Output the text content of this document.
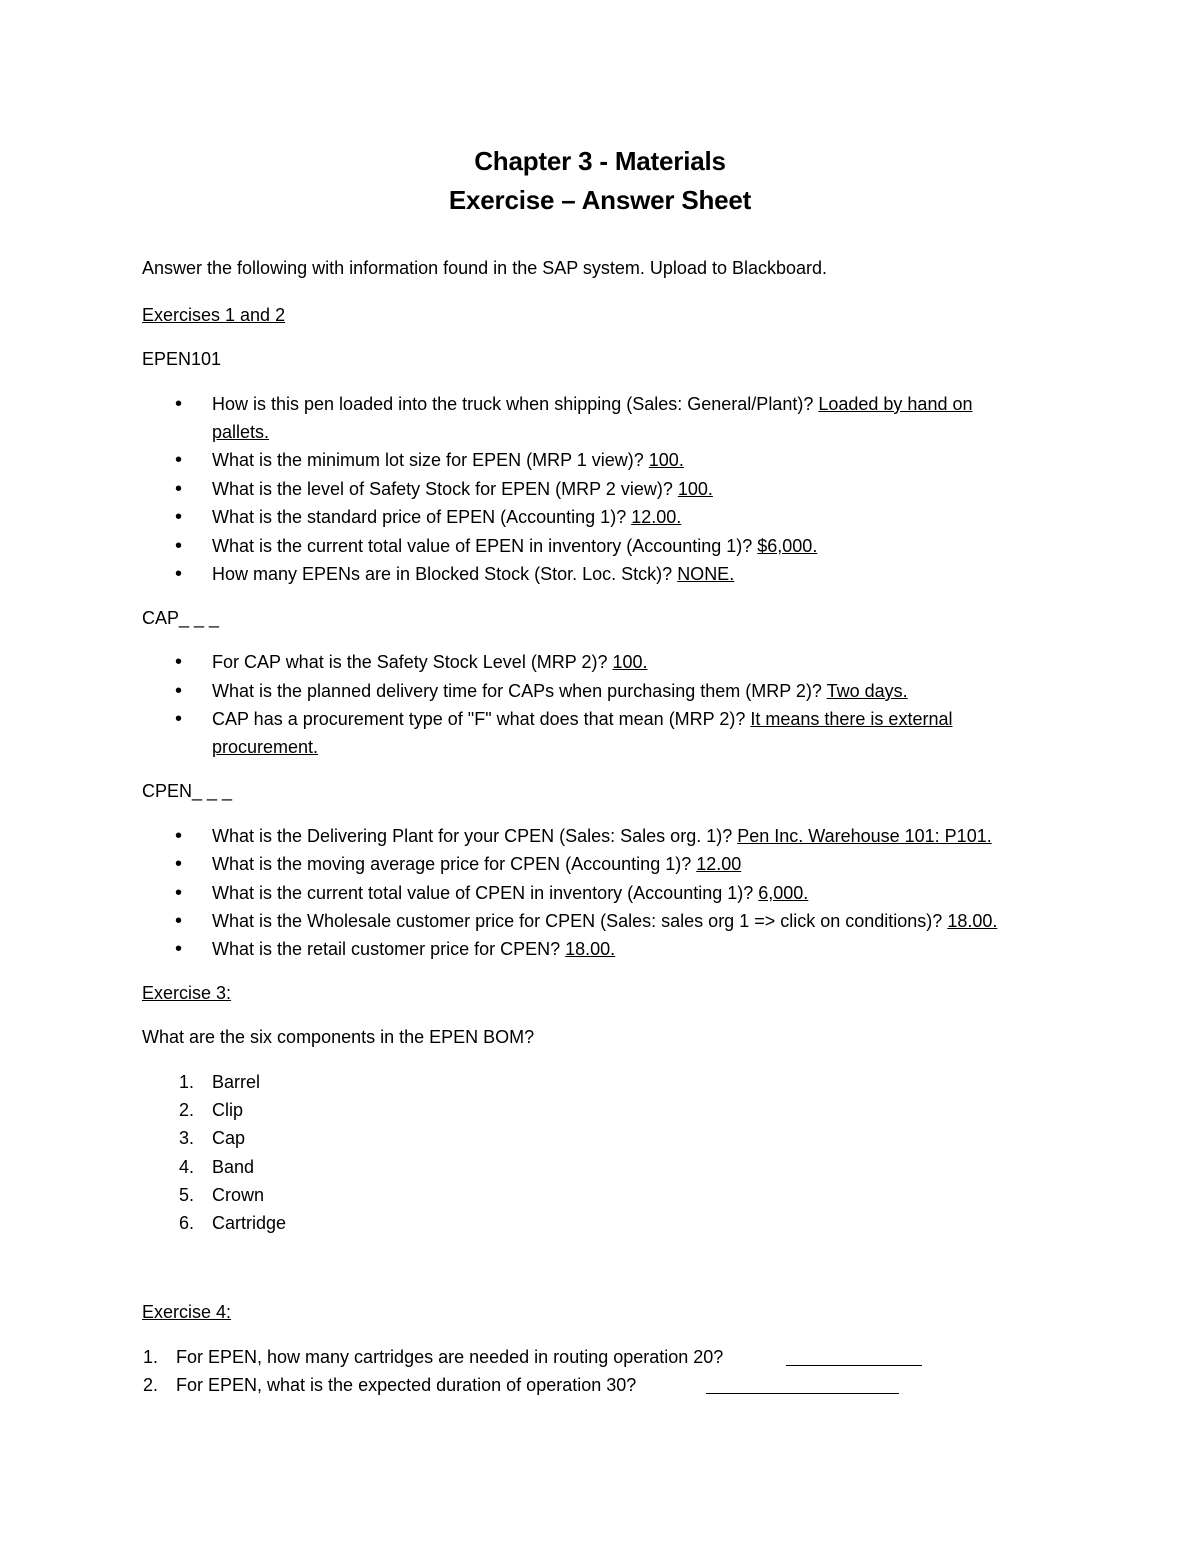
Chapter 3 - Materials
Exercise – Answer Sheet
Answer the following with information found in the SAP system. Upload to Blackboard.
Exercises 1 and 2
EPEN101
• How is this pen loaded into the truck when shipping (Sales: General/Plant)? Loaded by hand on
pallets.
• What is the minimum lot size for EPEN (MRP 1 view)? 100.
• What is the level of Safety Stock for EPEN (MRP 2 view)? 100.
• What is the standard price of EPEN (Accounting 1)? 12.00.
• What is the current total value of EPEN in inventory (Accounting 1)? $6,000.
• How many EPENs are in Blocked Stock (Stor. Loc. Stck)? NONE.
CAP_ _ _
• For CAP what is the Safety Stock Level (MRP 2)? 100.
• What is the planned delivery time for CAPs when purchasing them (MRP 2)? Two days.
• CAP has a procurement type of "F" what does that mean (MRP 2)? It means there is external
procurement.
CPEN_ _ _
• What is the Delivering Plant for your CPEN (Sales: Sales org. 1)? Pen Inc. Warehouse 101: P101.
• What is the moving average price for CPEN (Accounting 1)? 12.00
• What is the current total value of CPEN in inventory (Accounting 1)? 6,000.
• What is the Wholesale customer price for CPEN (Sales: sales org 1 => click on conditions)? 18.00.
• What is the retail customer price for CPEN? 18.00.
Exercise 3:
What are the six components in the EPEN BOM?
1. Barrel
2. Clip
3. Cap
4. Band
5. Crown
6. Cartridge
Exercise 4:
1. For EPEN, how many cartridges are needed in routing operation 20?
2. For EPEN, what is the expected duration of operation 30?
